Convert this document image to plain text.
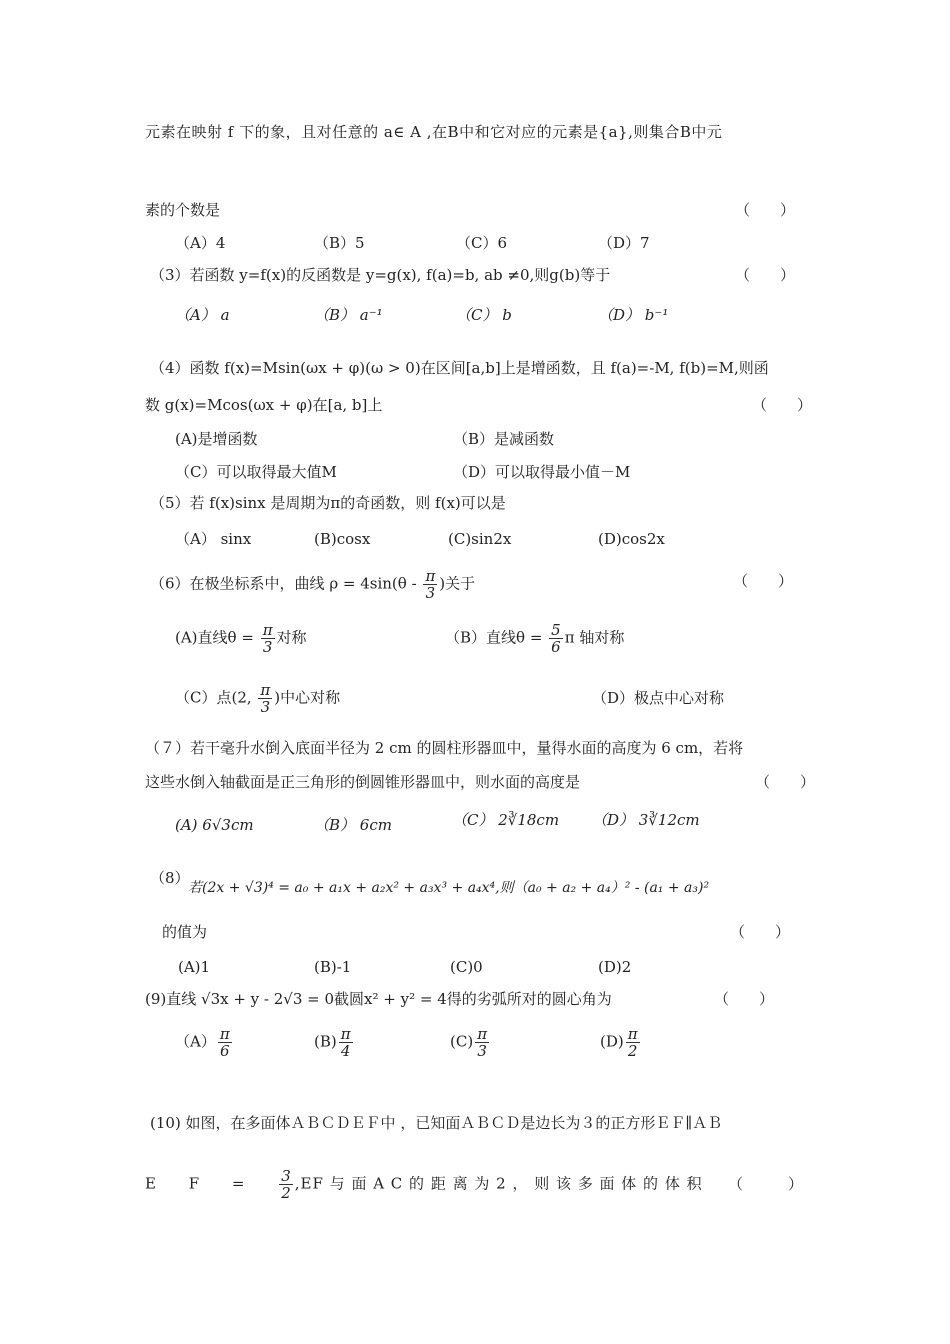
元素在映射 f 下的象，且对任意的 a∈ A ,在B中和它对应的元素是{a},则集合B中元
素的个数是	（　　）
（A）4	（B）5	（C）6	（D）7
（3）若函数 y=f(x)的反函数是 y=g(x), f(a)=b, ab ≠0,则g(b)等于	（　　）
（A） a	（B） a⁻¹	（C） b	（D） b⁻¹
（4）函数 f(x)=Msin(ωx + φ)(ω > 0)在区间[a,b]上是增函数，且 f(a)=-M, f(b)=M,则函
数 g(x)=Mcos(ωx + φ)在[a, b]上	（　　）
(A)是增函数	（B）是减函数
（C）可以取得最大值M	（D）可以取得最小值－M
（5）若 f(x)sinx 是周期为π的奇函数，则 f(x)可以是
（A） sinx	(B)cosx	(C)sin2x	(D)cos2x
（6）在极坐标系中，曲线 $\rho = 4\sin(\theta - \frac{\pi}{3}$ )关于	（　　）
(A)直线$\theta = \frac{\pi}{3}$ 对称	（B）直线$\theta = \frac{5}{6}$ π 轴对称
（C）点(2, $\frac{\pi}{3}$ )中心对称	（D）极点中心对称
（７）若干毫升水倒入底面半径为 2 cm 的圆柱形器皿中，量得水面的高度为 6 cm，若将
这些水倒入轴截面是正三角形的倒圆锥形器皿中，则水面的高度是	（　　）
(A) 6√3cm	（B） 6cm	（C） 2∛18cm （D） 3∛12cm
（8）
若(2x + √3)⁴ = a₀ + a₁x + a₂x² + a₃x³ + a₄x⁴,则（a₀ + a₂ + a₄）² - (a₁ + a₃)²
的值为	（　　）
(A)1	(B)-1	(C)0	(D)2
(9)直线 √3x + y - 2√3 = 0截圆x² + y² = 4得的劣弧所对的圆心角为	（　　）
$(A) \frac{\pi}{6}$	$(B) \frac{\pi}{4}$	$(C) \frac{\pi}{3}$	$(D) \frac{\pi}{2}$
(10) 如图，在多面体ＡＢＣＤＥＦ中 ，已知面ＡＢＣＤ是边长为３的正方形ＥＦ∥ＡＢ
E $F = \frac{3}{2} ,EF$ 与 面 A C 的 距 离 为 2 ， 则 该 多 面 体 的 体 积 （　　　）
